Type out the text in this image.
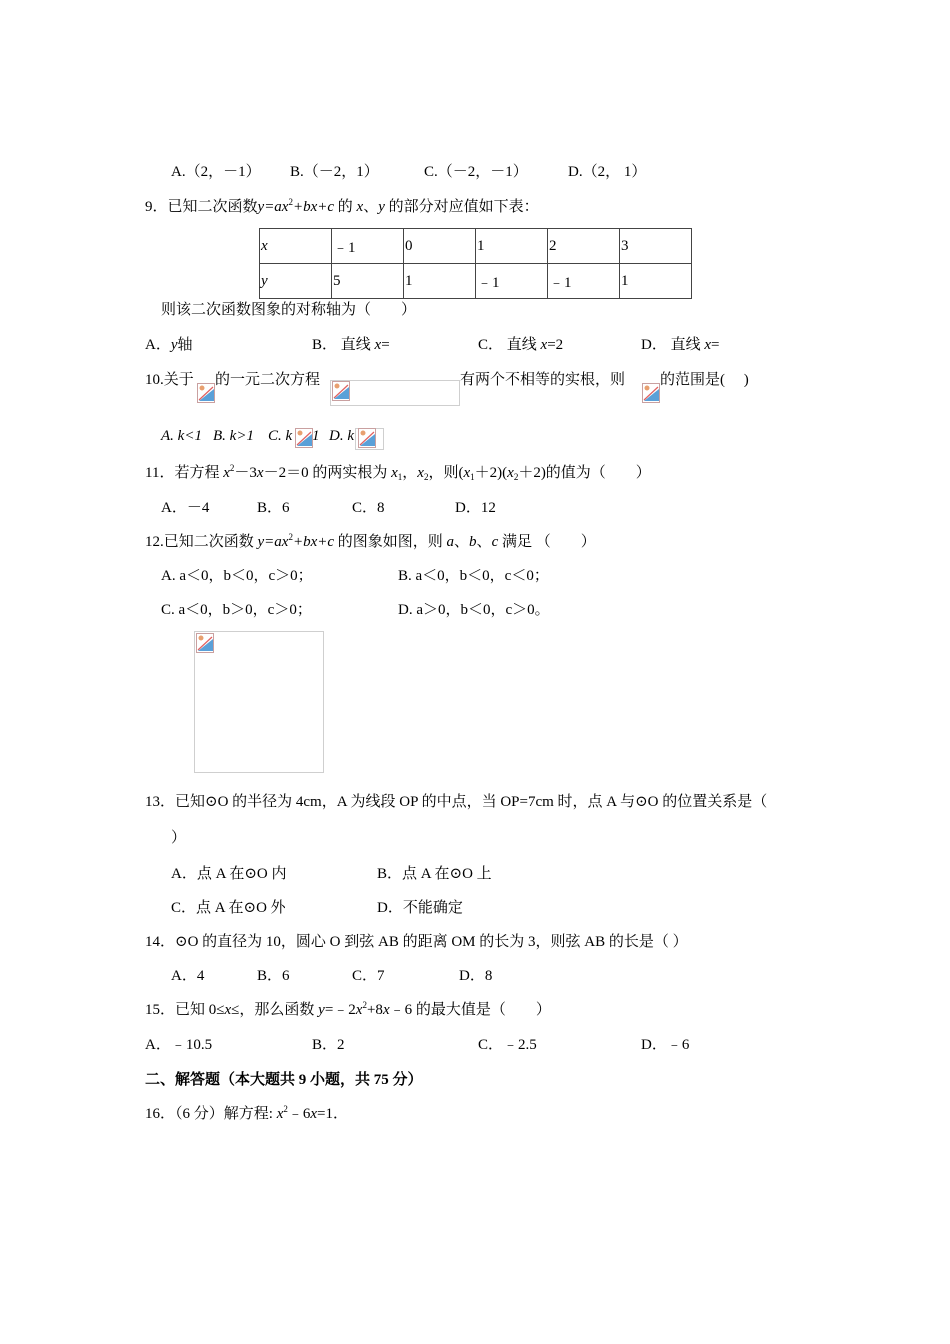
A.（2，－1） B.（－2，1）	C.（－2，－1）	D.（2， 1）
9．已知二次函数$y=ax^2+bx+c$ 的 x、y 的部分对应值如下表：
x	﹣1	0	1	2	3
y	5	1	﹣1	﹣1	1
则该二次函数图象的对称轴为（　　）
A．y轴	B． 直线 x=	C． 直线 x=2	D． 直线 x=
10.关于 的一元二次方程	有两个不相等的实根，则 的范围是(　 )
A. k<1 B. k>1 C. k 1 D. k
11．若方程 $x^2-3x-2=0$ 的两实根为 $x_1$，$x_2$，则$(x_1+2)(x_2+2)$的值为（　　）
A．－4	B．6	C．8	D．12
12.已知二次函数 $y=ax^2+bx+c$ 的图象如图，则 a、b、c 满足 （　　）
A. a＜0，b＜0，c＞0；	B. a＜0，b＜0，c＜0；
C. a＜0，b＞0，c＞0；	D. a＞0，b＜0，c＞0。
13．已知⊙O 的半径为 4cm，A 为线段 OP 的中点，当 OP=7cm 时，点 A 与⊙O 的位置关系是（
）
A．点 A 在⊙O 内	B．点 A 在⊙O 上
C．点 A 在⊙O 外	D．不能确定
14．⊙O 的直径为 10，圆心 O 到弦 AB 的距离 OM 的长为 3，则弦 AB 的长是（ ）
A．4	B．6	C．7	D．8
15．已知 0≤x≤，那么函数 $y=﹣2x^2+8x﹣6$ 的最大值是（　　）
A．﹣10.5	B．2	C．﹣2.5	D．﹣6
二、解答题（本大题共 9 小题，共 75 分）
16．（6 分）解方程: $x^2﹣6x=1$．
